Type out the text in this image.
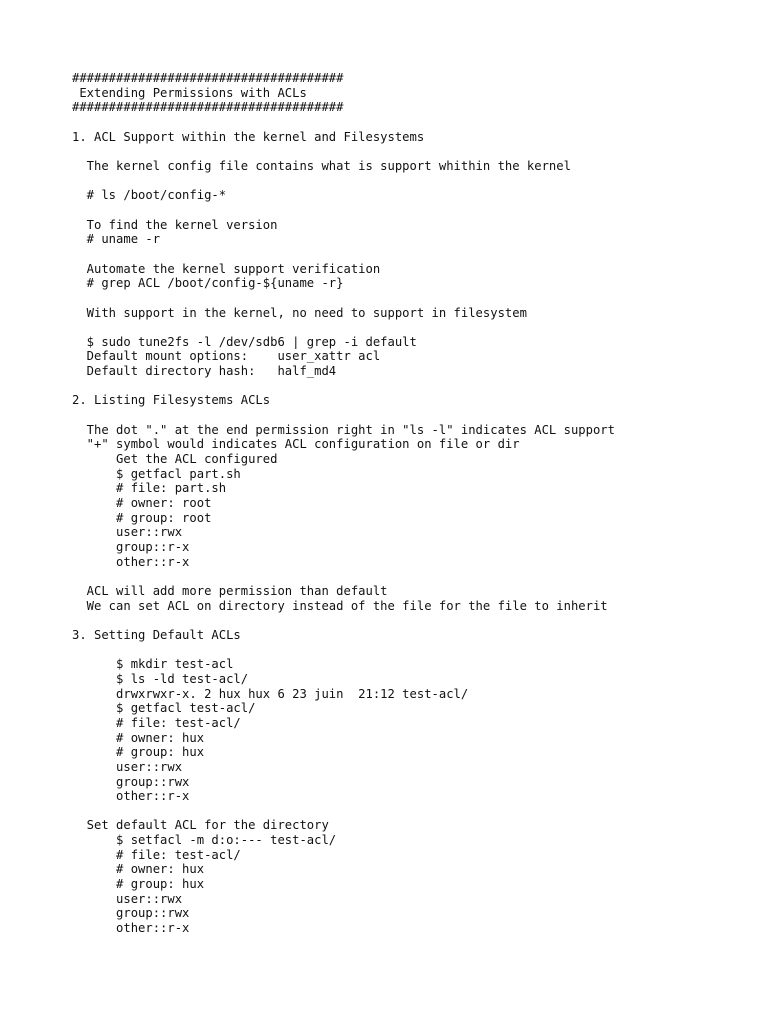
#####################################
Extending Permissions with ACLs
#####################################

1. ACL Support within the kernel and Filesystems

The kernel config file contains what is support whithin the kernel

# ls /boot/config-*

To find the kernel version
# uname -r

Automate the kernel support verification
# grep ACL /boot/config-${uname -r}

With support in the kernel, no need to support in filesystem

$ sudo tune2fs -l /dev/sdb6 | grep -i default
Default mount options:    user_xattr acl
Default directory hash:   half_md4

2. Listing Filesystems ACLs

The dot "." at the end permission right in "ls -l" indicates ACL support
"+" symbol would indicates ACL configuration on file or dir
Get the ACL configured
$ getfacl part.sh
# file: part.sh
# owner: root
# group: root
user::rwx
group::r-x
other::r-x

ACL will add more permission than default
We can set ACL on directory instead of the file for the file to inherit

3. Setting Default ACLs

$ mkdir test-acl
$ ls -ld test-acl/
drwxrwxr-x. 2 hux hux 6 23 juin  21:12 test-acl/
$ getfacl test-acl/
# file: test-acl/
# owner: hux
# group: hux
user::rwx
group::rwx
other::r-x

Set default ACL for the directory
$ setfacl -m d:o:--- test-acl/
# file: test-acl/
# owner: hux
# group: hux
user::rwx
group::rwx
other::r-x
